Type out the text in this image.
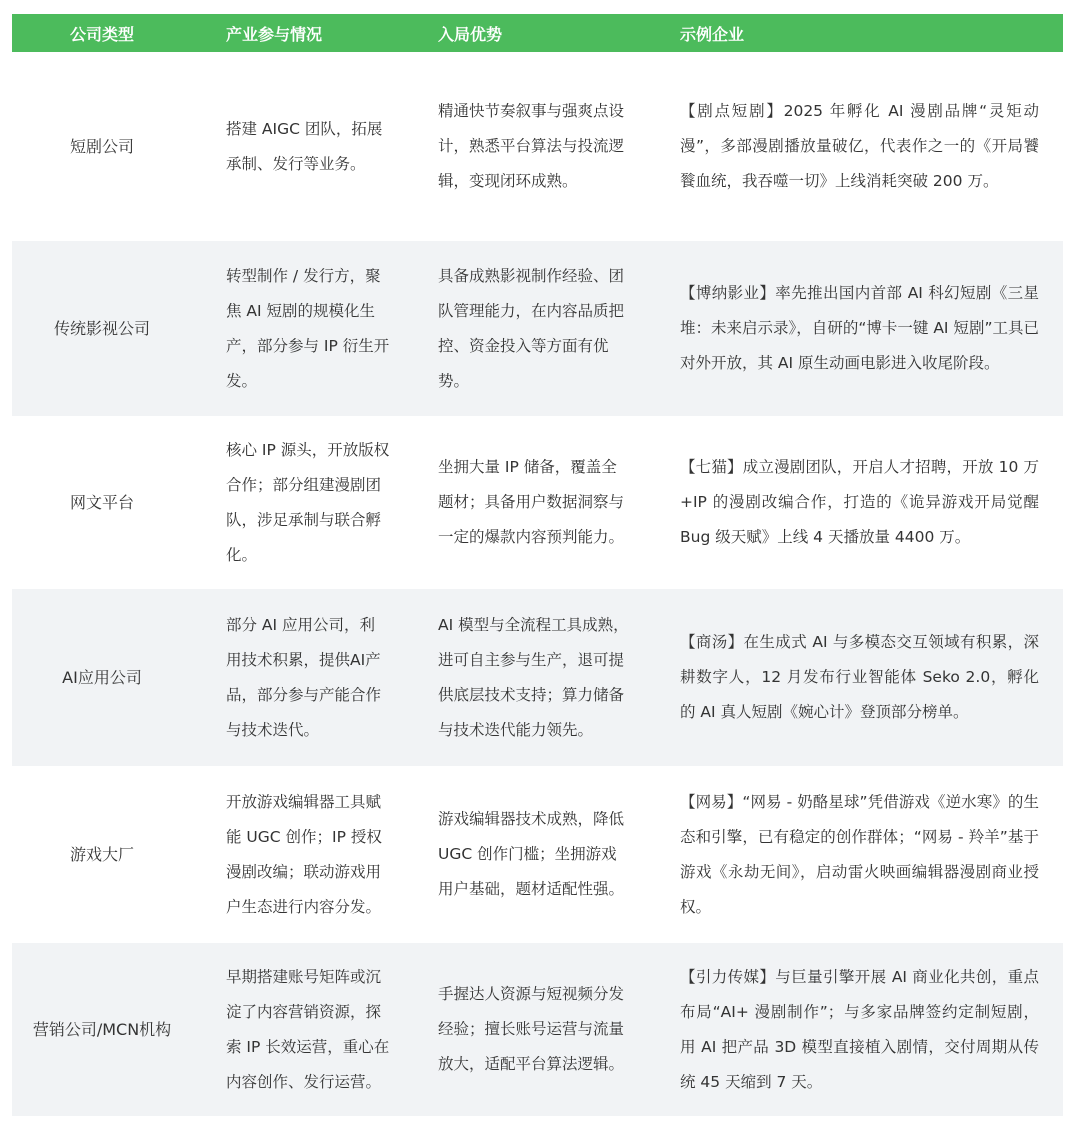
公司类型	产业参与情况	入局优势	示例企业
短剧公司	搭建 AIGC 团队，拓展承制、发行等业务。	精通快节奏叙事与强爽点设计，熟悉平台算法与投流逻辑，变现闭环成熟。	【剧点短剧】2025 年孵化 AI 漫剧品牌“灵矩动漫”，多部漫剧播放量破亿，代表作之一的《开局饕餮血统，我吞噬一切》上线消耗突破 200 万。
传统影视公司	转型制作 / 发行方，聚焦 AI 短剧的规模化生产，部分参与 IP 衍生开发。	具备成熟影视制作经验、团队管理能力，在内容品质把控、资金投入等方面有优势。	【博纳影业】率先推出国内首部 AI 科幻短剧《三星堆：未来启示录》，自研的“博卡一键 AI 短剧”工具已对外开放，其 AI 原生动画电影进入收尾阶段。
网文平台	核心 IP 源头，开放版权合作；部分组建漫剧团队，涉足承制与联合孵化。	坐拥大量 IP 储备，覆盖全题材；具备用户数据洞察与一定的爆款内容预判能力。	【七猫】成立漫剧团队，开启人才招聘，开放 10 万+IP 的漫剧改编合作，打造的《诡异游戏开局觉醒 Bug 级天赋》上线 4 天播放量 4400 万。
AI应用公司	部分 AI 应用公司，利用技术积累，提供AI产品，部分参与产能合作与技术迭代。	AI 模型与全流程工具成熟，进可自主参与生产，退可提供底层技术支持；算力储备与技术迭代能力领先。	【商汤】在生成式 AI 与多模态交互领域有积累，深耕数字人，12 月发布行业智能体 Seko 2.0，孵化的 AI 真人短剧《婉心计》登顶部分榜单。
游戏大厂	开放游戏编辑器工具赋能 UGC 创作；IP 授权漫剧改编；联动游戏用户生态进行内容分发。	游戏编辑器技术成熟，降低 UGC 创作门槛；坐拥游戏用户基础，题材适配性强。	【网易】“网易 - 奶酪星球”凭借游戏《逆水寒》的生态和引擎，已有稳定的创作群体；“网易 - 羚羊”基于游戏《永劫无间》，启动雷火映画编辑器漫剧商业授权。
营销公司/MCN机构	早期搭建账号矩阵或沉淀了内容营销资源，探索 IP 长效运营，重心在内容创作、发行运营。	手握达人资源与短视频分发经验；擅长账号运营与流量放大，适配平台算法逻辑。	【引力传媒】与巨量引擎开展 AI 商业化共创，重点布局“AI+ 漫剧制作”；与多家品牌签约定制短剧，用 AI 把产品 3D 模型直接植入剧情，交付周期从传统 45 天缩到 7 天。
